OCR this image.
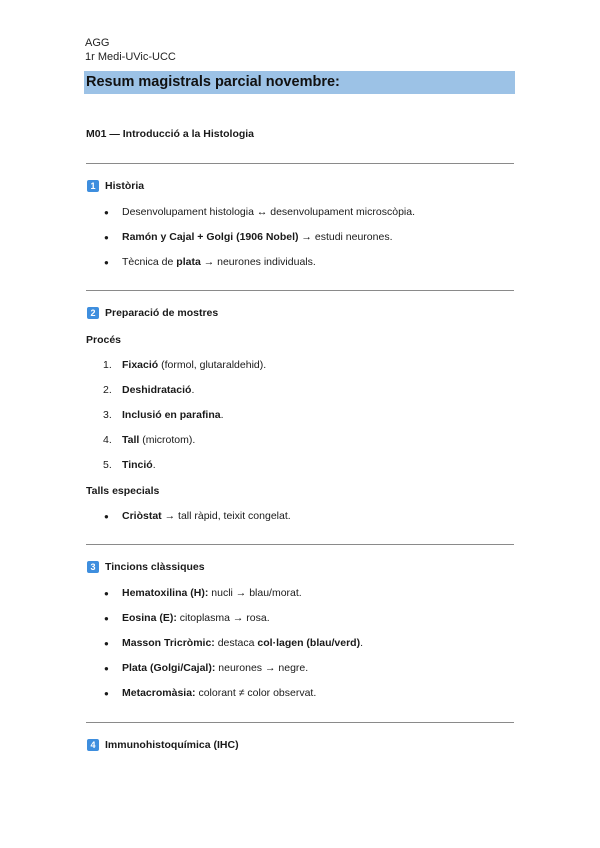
AGG
1r Medi-UVic-UCC
Resum magistrals parcial novembre:
M01 — Introducció a la Histologia
1 Història
● Desenvolupament histologia ↔ desenvolupament microscòpia.
● Ramón y Cajal + Golgi (1906 Nobel) → estudi neurones.
● Tècnica de plata → neurones individuals.
2 Preparació de mostres
Procés
1. Fixació (formol, glutaraldehid).
2. Deshidratació.
3. Inclusió en parafina.
4. Tall (microtom).
5. Tinció.
Talls especials
● Criòstat → tall ràpid, teixit congelat.
3 Tincions clàssiques
● Hematoxilina (H): nucli → blau/morat.
● Eosina (E): citoplasma → rosa.
● Masson Tricròmic: destaca col·lagen (blau/verd).
● Plata (Golgi/Cajal): neurones → negre.
● Metacromàsia: colorant ≠ color observat.
4 Immunohistoquímica (IHC)
